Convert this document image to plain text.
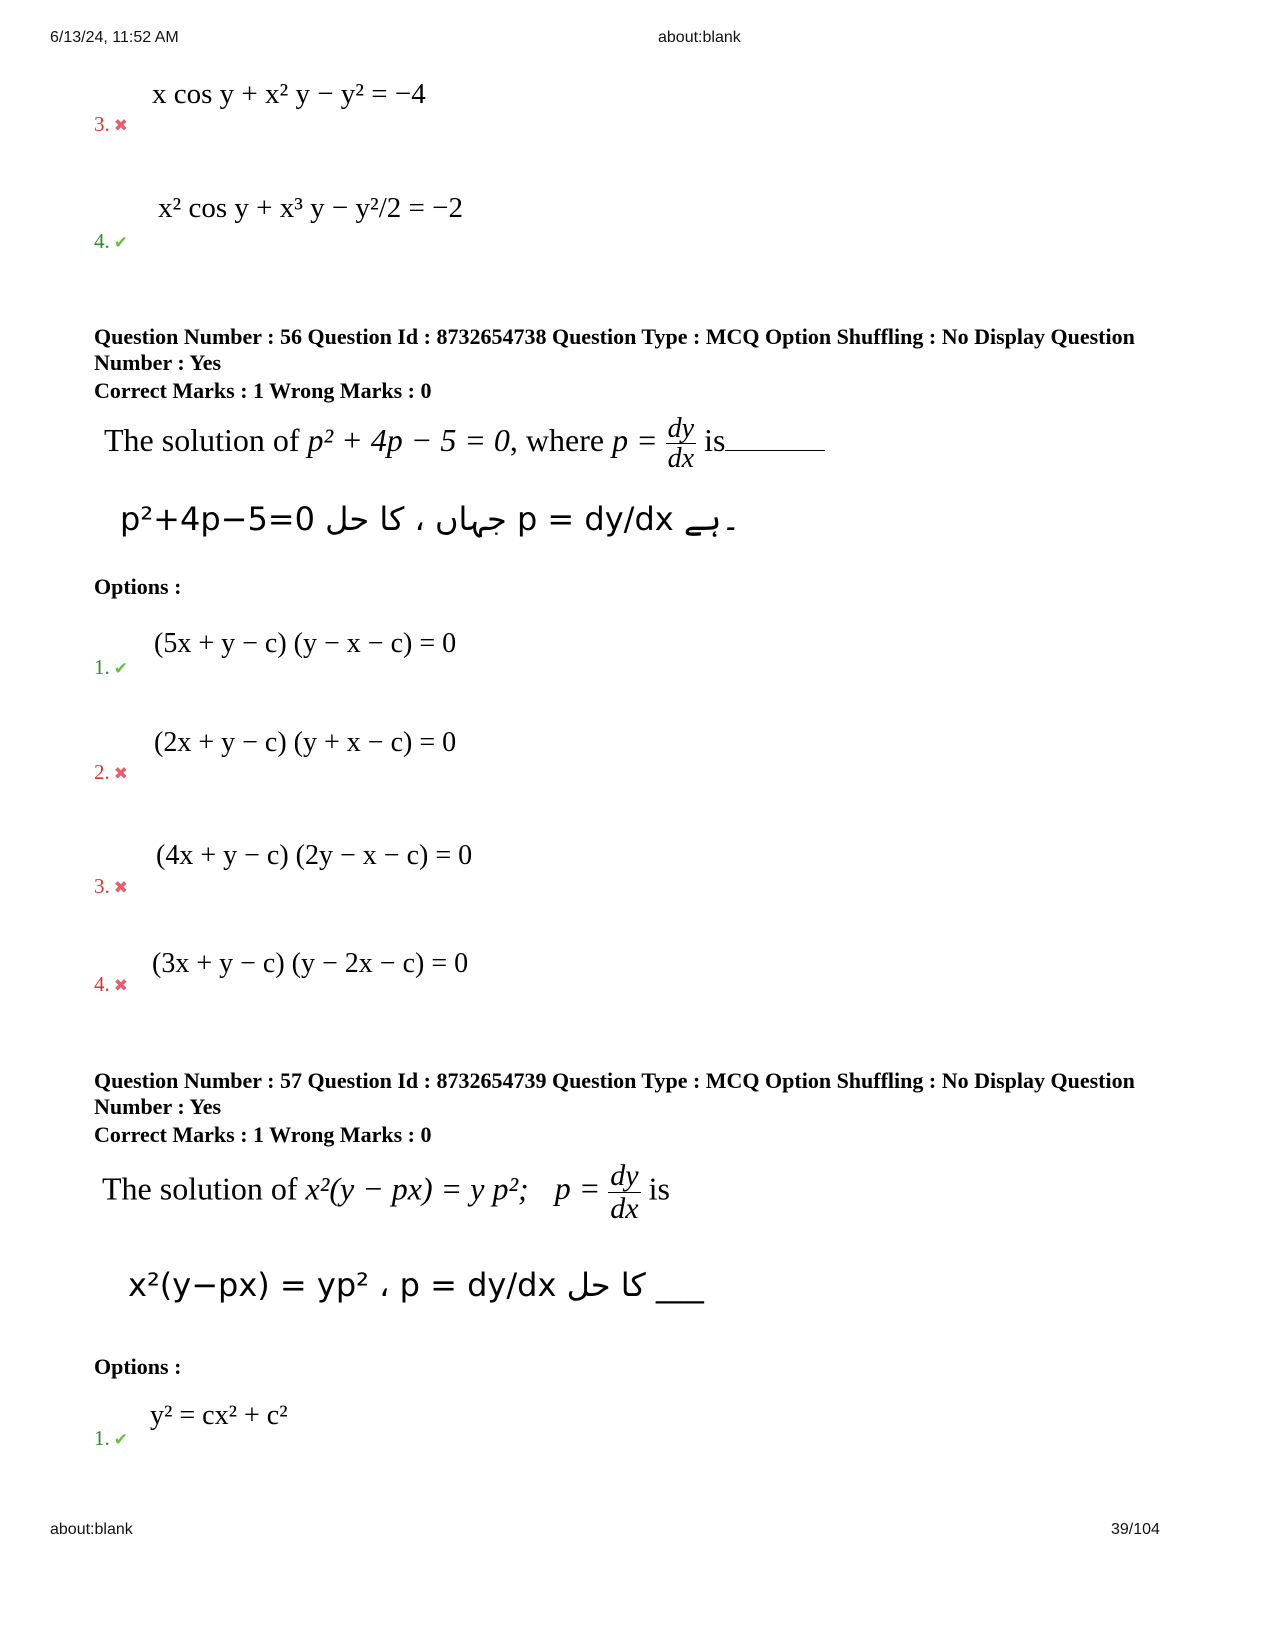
6/13/24, 11:52 AM	about:blank
x cos y + x² y − y² = −4
3. ✖
x² cos y + x³ y − y²/2 = −2
4. ✔
Question Number : 56 Question Id : 8732654738 Question Type : MCQ Option Shuffling : No Display Question Number : Yes
Correct Marks : 1 Wrong Marks : 0
The solution of p² + 4p − 5 = 0, where $p = \frac{dy}{dx}$ is
۔ہے p = dy/dx جہاں ، کا حل p²+4p−5=0
Options :
(5x + y − c) (y − x − c) = 0
1. ✔
(2x + y − c) (y + x − c) = 0
2. ✖
(4x + y − c) (2y − x − c) = 0
3. ✖
(3x + y − c) (y − 2x − c) = 0
4. ✖
Question Number : 57 Question Id : 8732654739 Question Type : MCQ Option Shuffling : No Display Question Number : Yes
Correct Marks : 1 Wrong Marks : 0
The solution of x²(y − px) = y p²; $p = \frac{dy}{dx}$ is
___ کا حل x²(y−px) = yp² ، p = dy/dx
Options :
y² = cx² + c²
1. ✔
about:blank	39/104
